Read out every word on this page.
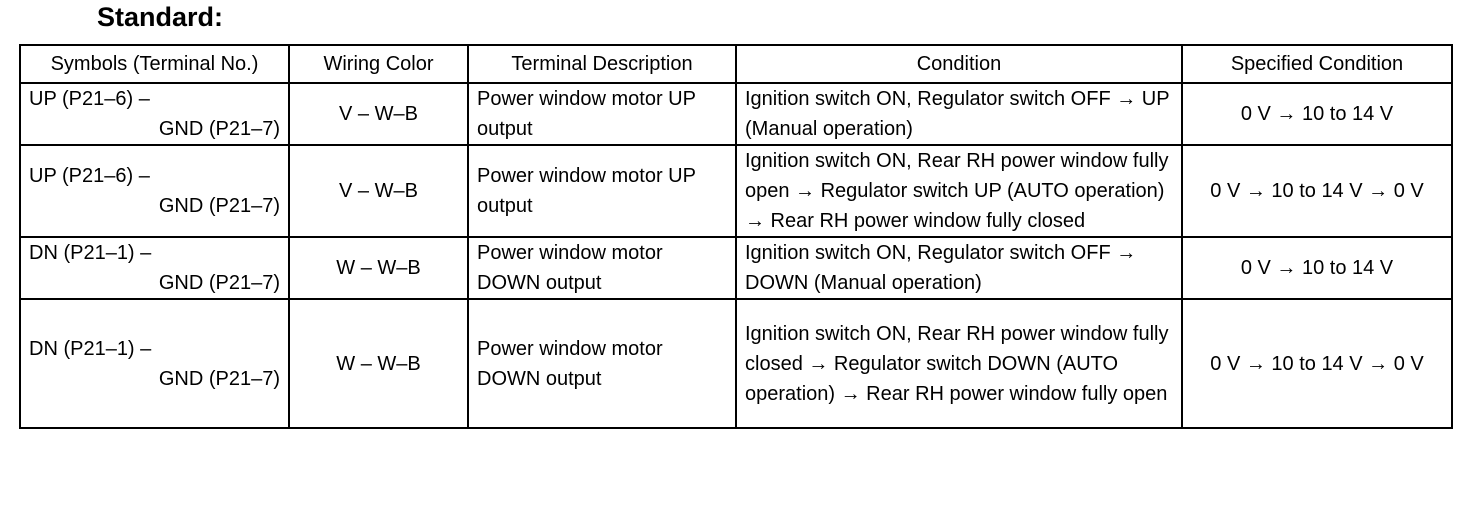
Standard:
Symbols (Terminal No.)	Wiring Color	Terminal Description	Condition	Specified Condition

UP (P21–6) –
GND (P21–7)	V – W–B	Power window motor UP output	Ignition switch ON, Regulator switch OFF → UP (Manual operation)	0 V → 10 to 14 V

UP (P21–6) –
GND (P21–7)	V – W–B	Power window motor UP output	Ignition switch ON, Rear RH power window fully open → Regulator switch UP (AUTO operation) → Rear RH power window fully closed	0 V → 10 to 14 V → 0 V

DN (P21–1) –
GND (P21–7)	W – W–B	Power window motor DOWN output	Ignition switch ON, Regulator switch OFF → DOWN (Manual operation)	0 V → 10 to 14 V

DN (P21–1) –
GND (P21–7)	W – W–B	Power window motor DOWN output	Ignition switch ON, Rear RH power window fully closed → Regulator switch DOWN (AUTO operation) → Rear RH power window fully open	0 V → 10 to 14 V → 0 V
